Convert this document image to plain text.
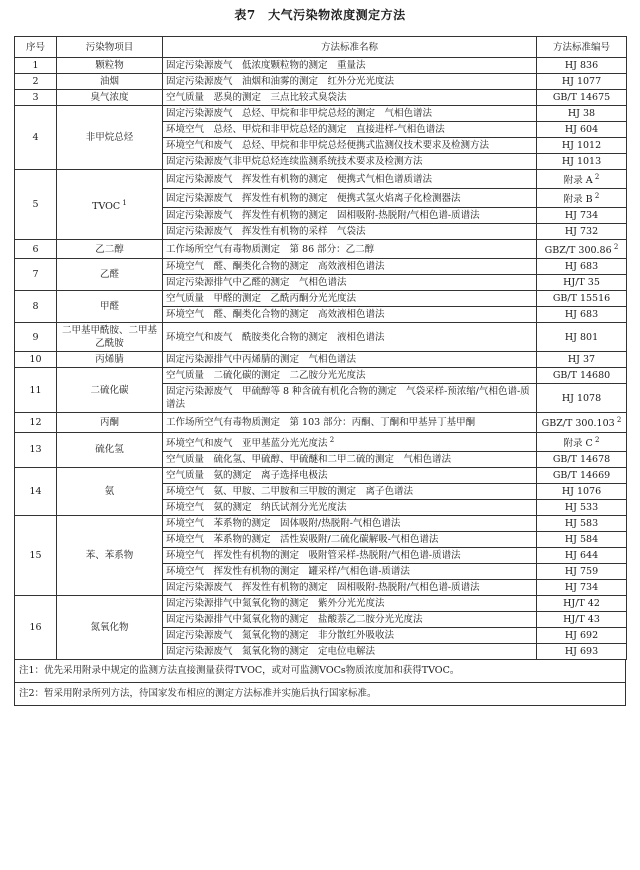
表7　大气污染物浓度测定方法
序号	污染物项目	方法标准名称	方法标准编号
1	颗粒物	固定污染源废气　低浓度颗粒物的测定　重量法	HJ 836
2	油烟	固定污染源废气　油烟和油雾的测定　红外分光光度法	HJ 1077
3	臭气浓度	空气质量　恶臭的测定　三点比较式臭袋法	GB/T 14675
4	非甲烷总烃	固定污染源废气　总烃、甲烷和非甲烷总烃的测定　气相色谱法	HJ 38
		环境空气　总烃、甲烷和非甲烷总烃的测定　直接进样-气相色谱法	HJ 604
		环境空气和废气　总烃、甲烷和非甲烷总烃便携式监测仪技术要求及检测方法	HJ 1012
		固定污染源废气非甲烷总烃连续监测系统技术要求及检测方法	HJ 1013
5	TVOC $^1$	固定污染源废气　挥发性有机物的测定　便携式气相色谱质谱法	附录 A $^2$
		固定污染源废气　挥发性有机物的测定　便携式氢火焰离子化检测器法	附录 B $^2$
		固定污染源废气　挥发性有机物的测定　固相吸附-热脱附/气相色谱-质谱法	HJ 734
		固定污染源废气　挥发性有机物的采样　气袋法	HJ 732
6	乙二醇	工作场所空气有毒物质测定　第 86 部分：乙二醇	GBZ/T 300.86 $^2$
7	乙醛	环境空气　醛、酮类化合物的测定　高效液相色谱法	HJ 683
		固定污染源排气中乙醛的测定　气相色谱法	HJ/T 35
8	甲醛	空气质量　甲醛的测定　乙酰丙酮分光光度法	GB/T 15516
		环境空气　醛、酮类化合物的测定　高效液相色谱法	HJ 683
9	二甲基甲酰胺、二甲基乙酰胺	环境空气和废气　酰胺类化合物的测定　液相色谱法	HJ 801
10	丙烯腈	固定污染源排气中丙烯腈的测定　气相色谱法	HJ 37
11	二硫化碳	空气质量　二硫化碳的测定　二乙胺分光光度法	GB/T 14680
		固定污染源废气　甲硫醇等 8 种含硫有机化合物的测定　气袋采样-预浓缩/气相色谱-质谱法	HJ 1078
12	丙酮	工作场所空气有毒物质测定　第 103 部分：丙酮、丁酮和甲基异丁基甲酮	GBZ/T 300.103 $^2$
13	硫化氢	环境空气和废气　亚甲基蓝分光光度法 $^2$	附录 C $^2$
		空气质量　硫化氢、甲硫醇、甲硫醚和二甲二硫的测定　气相色谱法	GB/T 14678
14	氨	空气质量　氨的测定　离子选择电极法	GB/T 14669
		环境空气　氨、甲胺、二甲胺和三甲胺的测定　离子色谱法	HJ 1076
		环境空气　氨的测定　纳氏试剂分光光度法	HJ 533
15	苯、苯系物	环境空气　苯系物的测定　固体吸附/热脱附-气相色谱法	HJ 583
		环境空气　苯系物的测定　活性炭吸附/二硫化碳解吸-气相色谱法	HJ 584
		环境空气　挥发性有机物的测定　吸附管采样-热脱附/气相色谱-质谱法	HJ 644
		环境空气　挥发性有机物的测定　罐采样/气相色谱-质谱法	HJ 759
		固定污染源废气　挥发性有机物的测定　固相吸附-热脱附/气相色谱-质谱法	HJ 734
16	氮氧化物	固定污染源排气中氮氧化物的测定　紫外分光光度法	HJ/T 42
		固定污染源排气中氮氧化物的测定　盐酸萘乙二胺分光光度法	HJ/T 43
		固定污染源废气　氮氧化物的测定　非分散红外吸收法	HJ 692
		固定污染源废气　氮氧化物的测定　定电位电解法	HJ 693
注1：优先采用附录中规定的监测方法直接测量获得TVOC，或对可监测VOCs物质浓度加和获得TVOC。
注2：暂采用附录所列方法，待国家发布相应的测定方法标准并实施后执行国家标准。
